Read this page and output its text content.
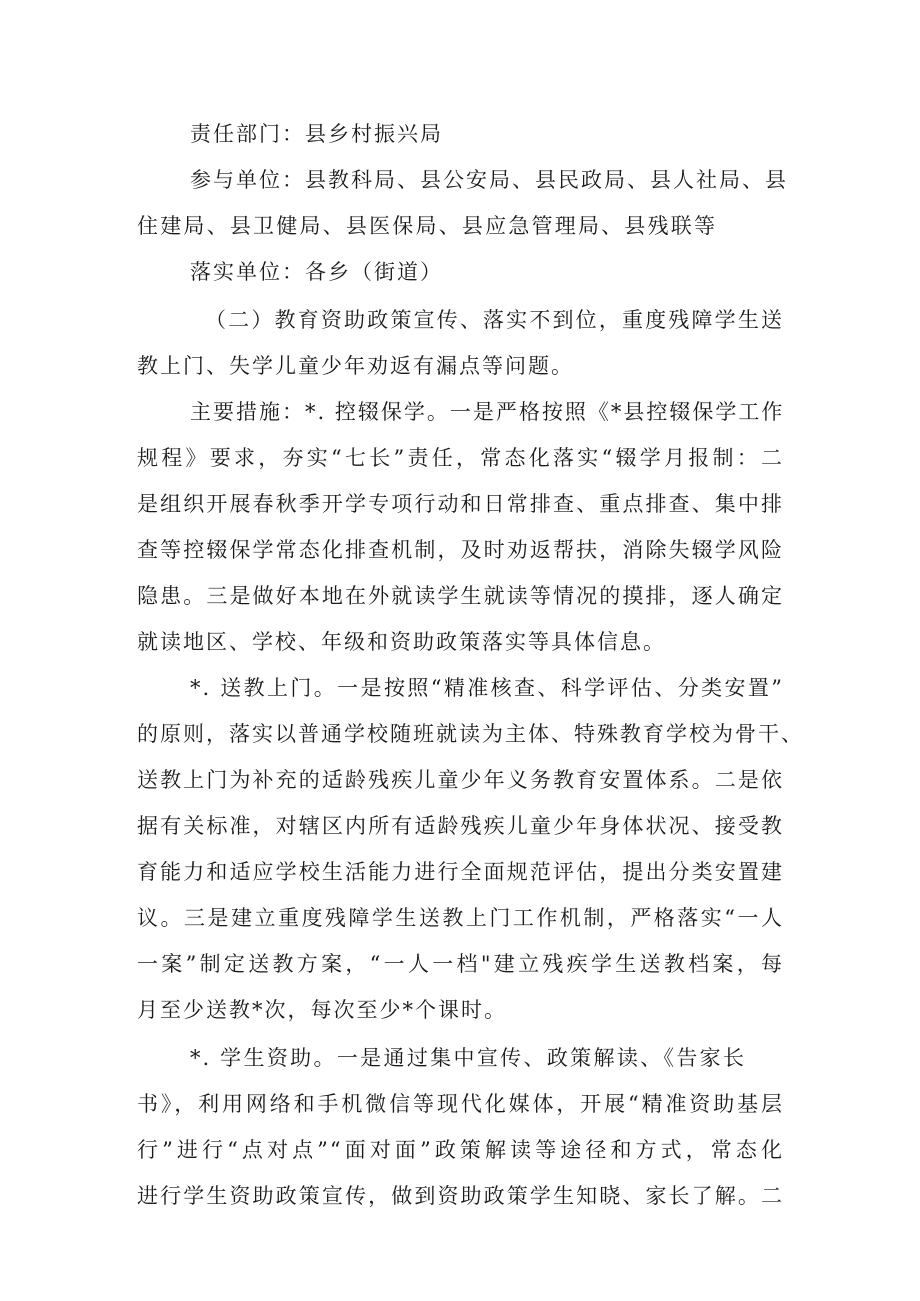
责任部门：县乡村振兴局
参与单位：县教科局、县公安局、县民政局、县人社局、县
住建局、县卫健局、县医保局、县应急管理局、县残联等
落实单位：各乡（街道）
（二）教育资助政策宣传、落实不到位，重度残障学生送
教上门、失学儿童少年劝返有漏点等问题。
主要措施：*. 控辍保学。一是严格按照《*县控辍保学工作
规程》要求，夯实“七长”责任，常态化落实“辍学月报制：二
是组织开展春秋季开学专项行动和日常排查、重点排查、集中排
查等控辍保学常态化排查机制，及时劝返帮扶，消除失辍学风险
隐患。三是做好本地在外就读学生就读等情况的摸排，逐人确定
就读地区、学校、年级和资助政策落实等具体信息。
*. 送教上门。一是按照“精准核查、科学评估、分类安置”
的原则，落实以普通学校随班就读为主体、特殊教育学校为骨干、
送教上门为补充的适龄残疾儿童少年义务教育安置体系。二是依
据有关标准，对辖区内所有适龄残疾儿童少年身体状况、接受教
育能力和适应学校生活能力进行全面规范评估，提出分类安置建
议。三是建立重度残障学生送教上门工作机制，严格落实“一人
一案”制定送教方案，“一人一档"建立残疾学生送教档案，每
月至少送教*次，每次至少*个课时。
*. 学生资助。一是通过集中宣传、政策解读、《告家长
书》，利用网络和手机微信等现代化媒体，开展“精准资助基层
行”进行“点对点”“面对面”政策解读等途径和方式，常态化
进行学生资助政策宣传，做到资助政策学生知晓、家长了解。二
